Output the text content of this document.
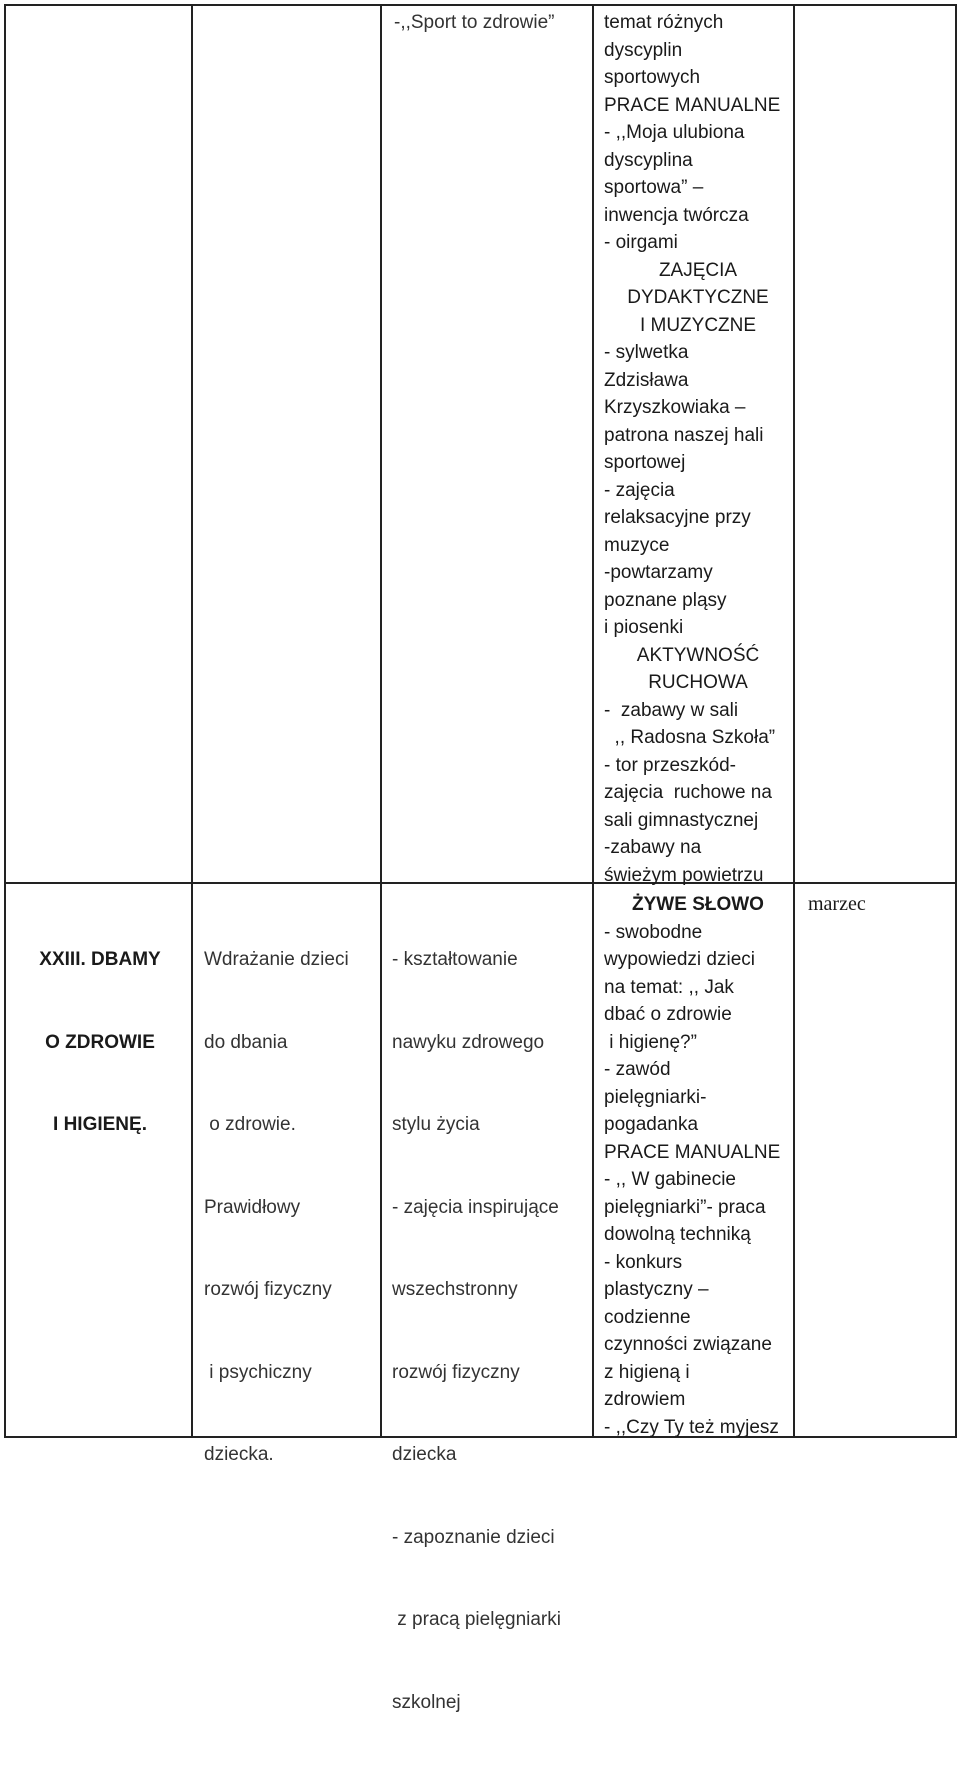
-,,Sport to zdrowie”	temat różnych
dyscyplin
sportowych
PRACE MANUALNE
- ,,Moja ulubiona
dyscyplina
sportowa” –
inwencja twórcza
- oirgami
ZAJĘCIA
DYDAKTYCZNE
I MUZYCZNE
- sylwetka
Zdzisława
Krzyszkowiaka –
patrona naszej hali
sportowej
- zajęcia
relaksacyjne przy
muzyce
-powtarzamy
poznane pląsy
i piosenki
AKTYWNOŚĆ
RUCHOWA
-  zabawy w sali
,, Radosna Szkoła”
- tor przeszkód-
zajęcia  ruchowe na
sali gimnastycznej
-zabawy na
świeżym powietrzu

XXIII. DBAMY

O ZDROWIE

I HIGIENĘ.

Wdrażanie dzieci

do dbania

o zdrowie.

Prawidłowy

rozwój fizyczny

i psychiczny

dziecka.

- kształtowanie

nawyku zdrowego

stylu życia

- zajęcia inspirujące

wszechstronny

rozwój fizyczny

dziecka

- zapoznanie dzieci

z pracą pielęgniarki

szkolnej

ŻYWE SŁOWO
- swobodne
wypowiedzi dzieci
na temat: ,, Jak
dbać o zdrowie
i higienę?”
- zawód
pielęgniarki-
pogadanka
PRACE MANUALNE
- ,, W gabinecie
pielęgniarki”- praca
dowolną techniką
- konkurs
plastyczny –
codzienne
czynności związane
z higieną i
zdrowiem
- ,,Czy Ty też myjesz
marzec
